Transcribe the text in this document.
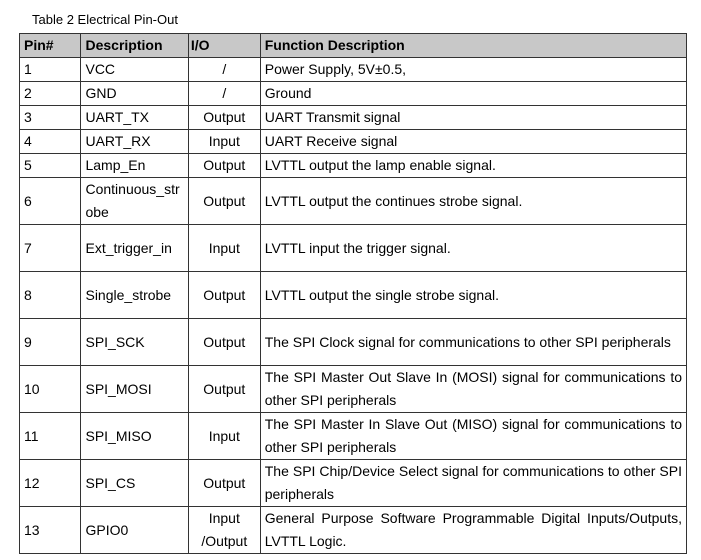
Table 2 Electrical Pin-Out
Pin#	Description	I/O	Function Description
1	VCC	/	Power Supply, 5V±0.5,
2	GND	/	Ground
3	UART_TX	Output	UART Transmit signal
4	UART_RX	Input	UART Receive signal
5	Lamp_En	Output	LVTTL output the lamp enable signal.
6	Continuous_strobe	Output	LVTTL output the continues strobe signal.
7	Ext_trigger_in	Input	LVTTL input the trigger signal.
8	Single_strobe	Output	LVTTL output the single strobe signal.
9	SPI_SCK	Output	The SPI Clock signal for communications to other SPI peripherals
10	SPI_MOSI	Output	The SPI Master Out Slave In (MOSI) signal for communications to other SPI peripherals
11	SPI_MISO	Input	The SPI Master In Slave Out (MISO) signal for communications to other SPI peripherals
12	SPI_CS	Output	The SPI Chip/Device Select signal for communications to other SPI peripherals
13	GPIO0	Input /Output	General Purpose Software Programmable Digital Inputs/Outputs, LVTTL Logic.
